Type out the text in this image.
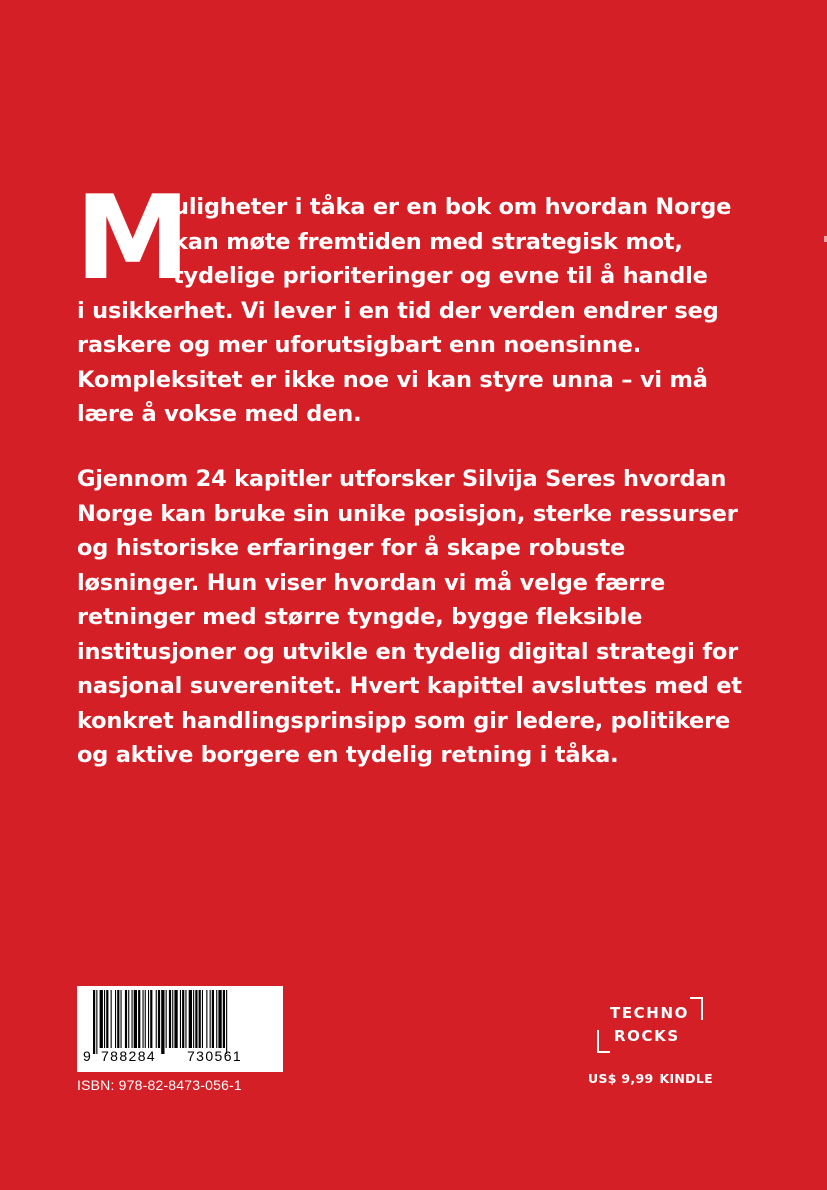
M
uligheter i tåka er en bok om hvordan Norge
kan møte fremtiden med strategisk mot,
tydelige prioriteringer og evne til å handle
i usikkerhet. Vi lever i en tid der verden endrer seg
raskere og mer uforutsigbart enn noensinne.
Kompleksitet er ikke noe vi kan styre unna – vi må
lære å vokse med den.
Gjennom 24 kapitler utforsker Silvija Seres hvordan
Norge kan bruke sin unike posisjon, sterke ressurser
og historiske erfaringer for å skape robuste
løsninger. Hun viser hvordan vi må velge færre
retninger med større tyngde, bygge fleksible
institusjoner og utvikle en tydelig digital strategi for
nasjonal suverenitet. Hvert kapittel avsluttes med et
konkret handlingsprinsipp som gir ledere, politikere
og aktive borgere en tydelig retning i tåka.
9 788284 730561
ISBN: 978-82-8473-056-1
TECHNO
ROCKS
US$ 9,99 KINDLE
